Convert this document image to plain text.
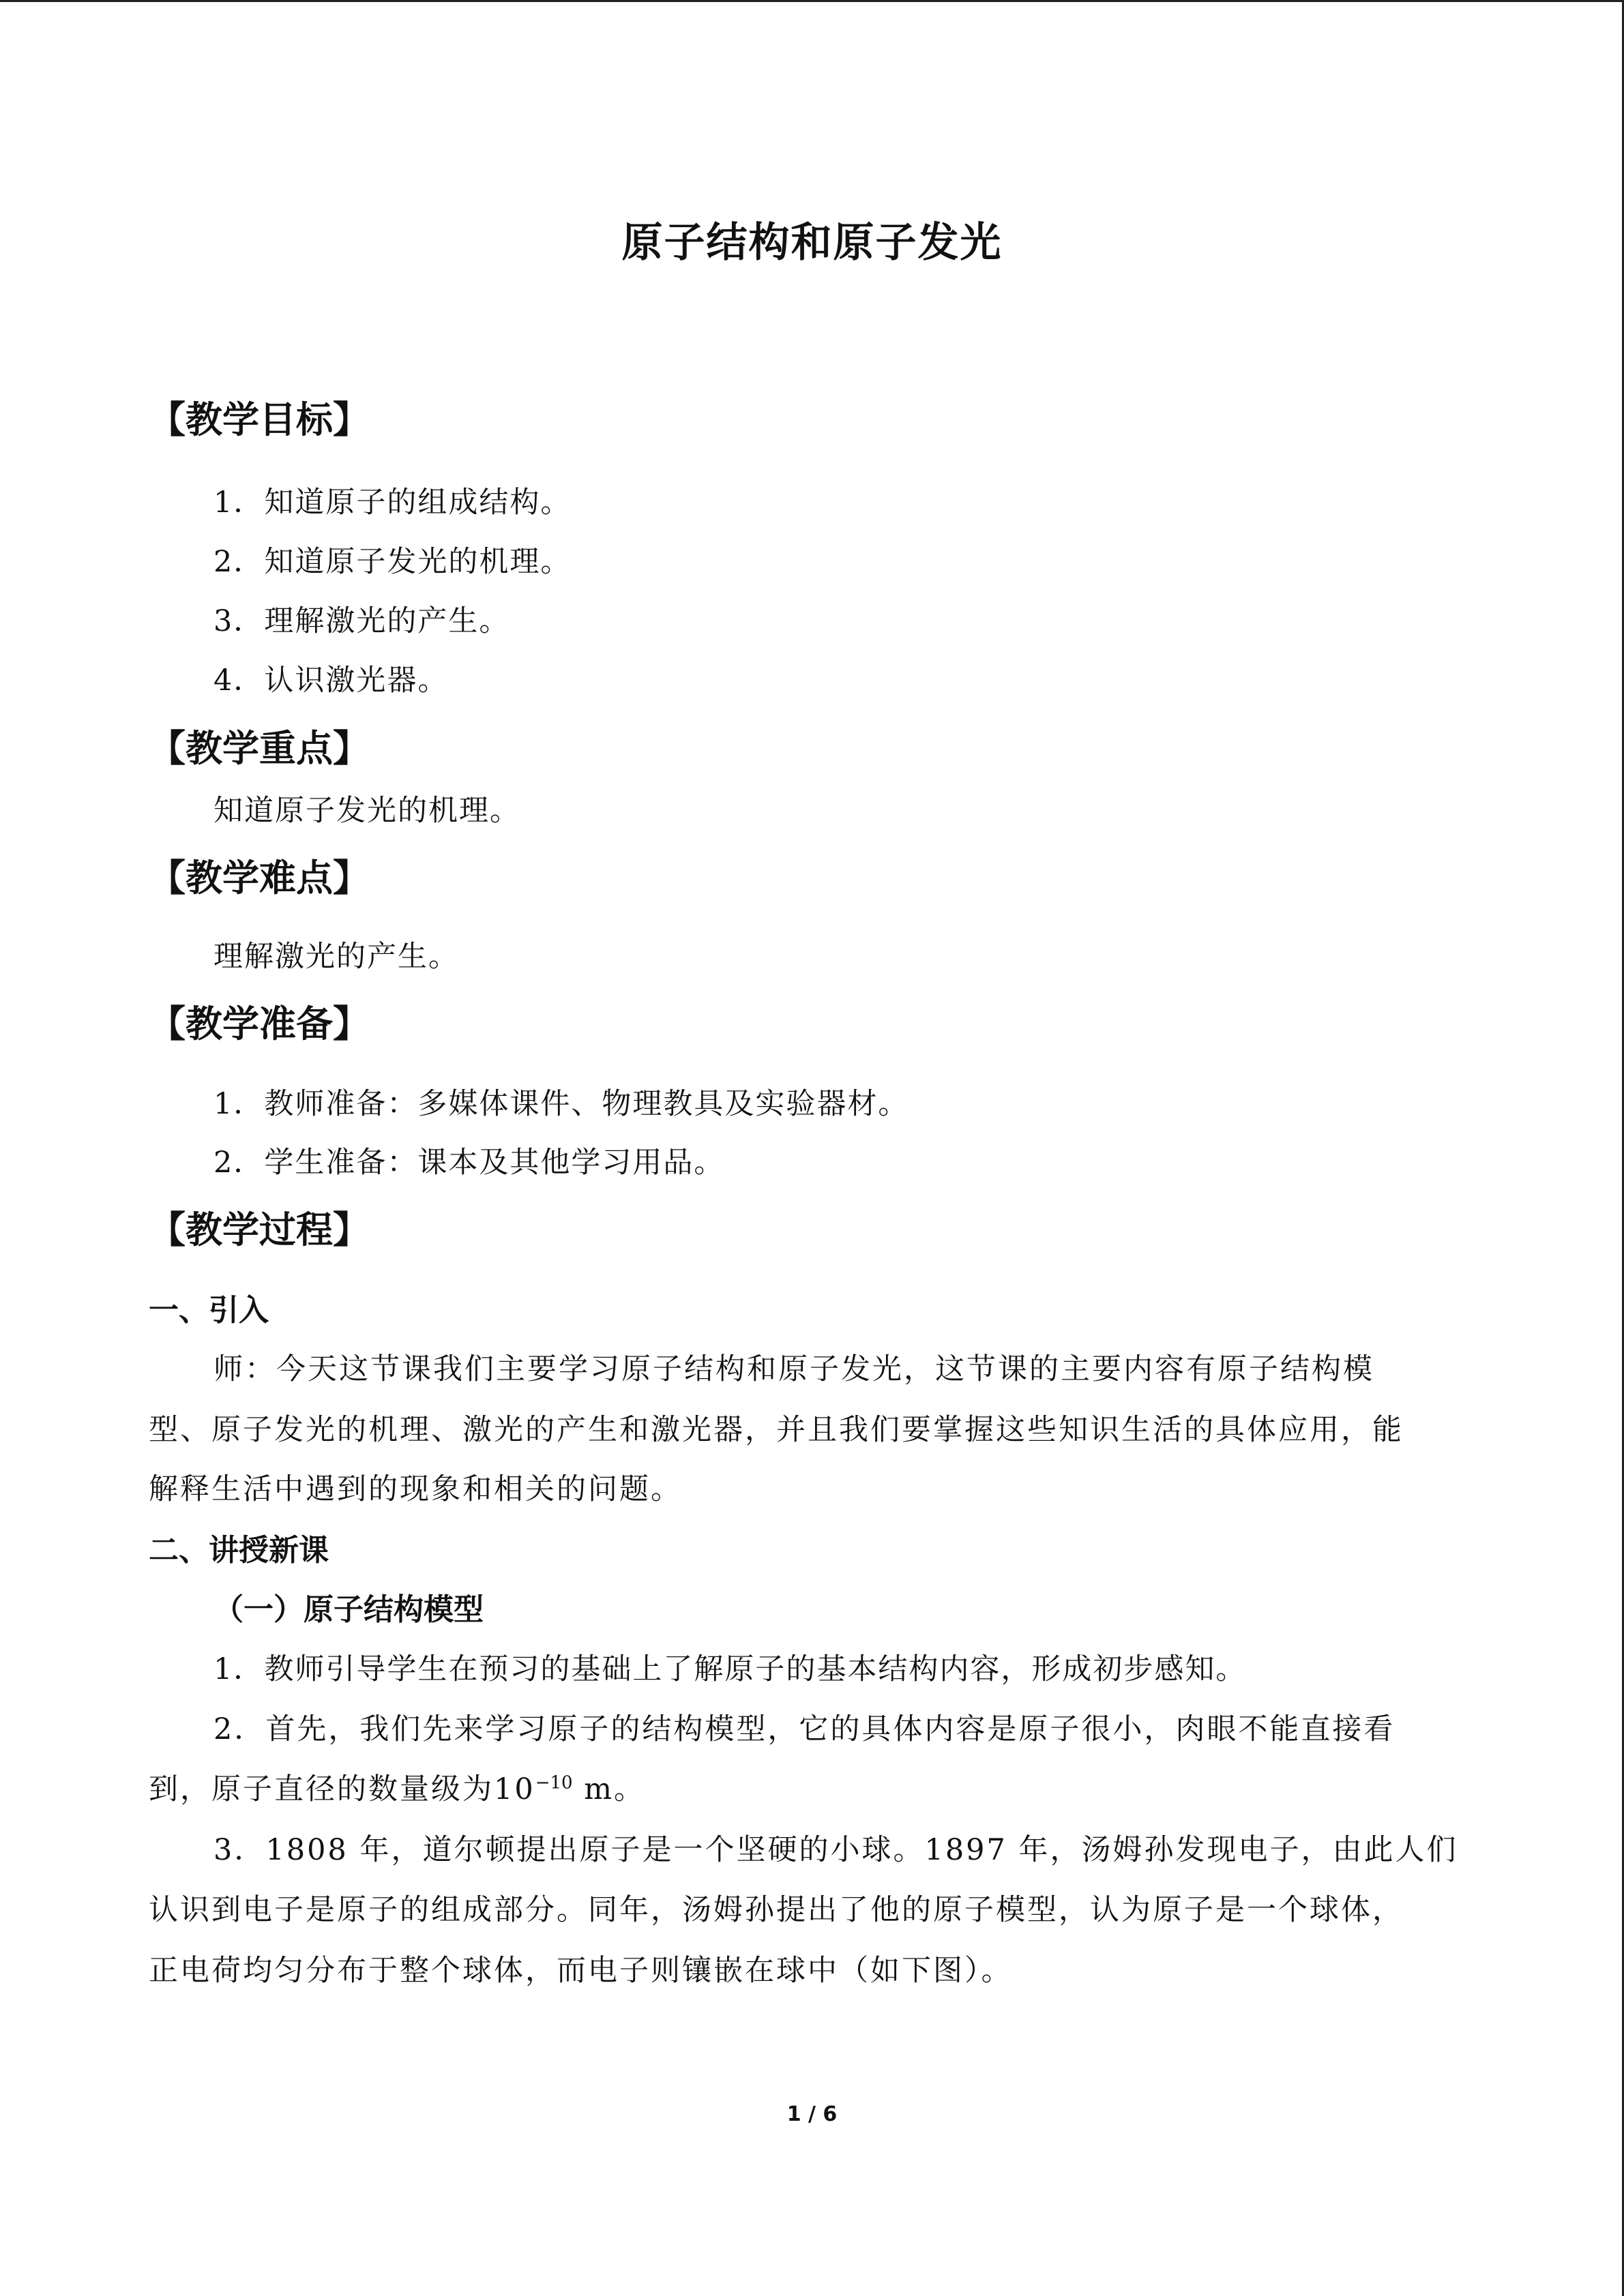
原子结构和原子发光
【教学目标】
1．知道原子的组成结构。
2．知道原子发光的机理。
3．理解激光的产生。
4．认识激光器。
【教学重点】
知道原子发光的机理。
【教学难点】
理解激光的产生。
【教学准备】
1．教师准备：多媒体课件、物理教具及实验器材。
2．学生准备：课本及其他学习用品。
【教学过程】
一、引入
师：今天这节课我们主要学习原子结构和原子发光，这节课的主要内容有原子结构模
型、原子发光的机理、激光的产生和激光器，并且我们要掌握这些知识生活的具体应用，能
解释生活中遇到的现象和相关的问题。
二、讲授新课
（一）原子结构模型
1．教师引导学生在预习的基础上了解原子的基本结构内容，形成初步感知。
2．首先，我们先来学习原子的结构模型，它的具体内容是原子很小，肉眼不能直接看
到，原子直径的数量级为$10^{-10}$ m。
3．1808 年，道尔顿提出原子是一个坚硬的小球。1897 年，汤姆孙发现电子，由此人们
认识到电子是原子的组成部分。同年，汤姆孙提出了他的原子模型，认为原子是一个球体，
正电荷均匀分布于整个球体，而电子则镶嵌在球中（如下图）。
1 / 6
